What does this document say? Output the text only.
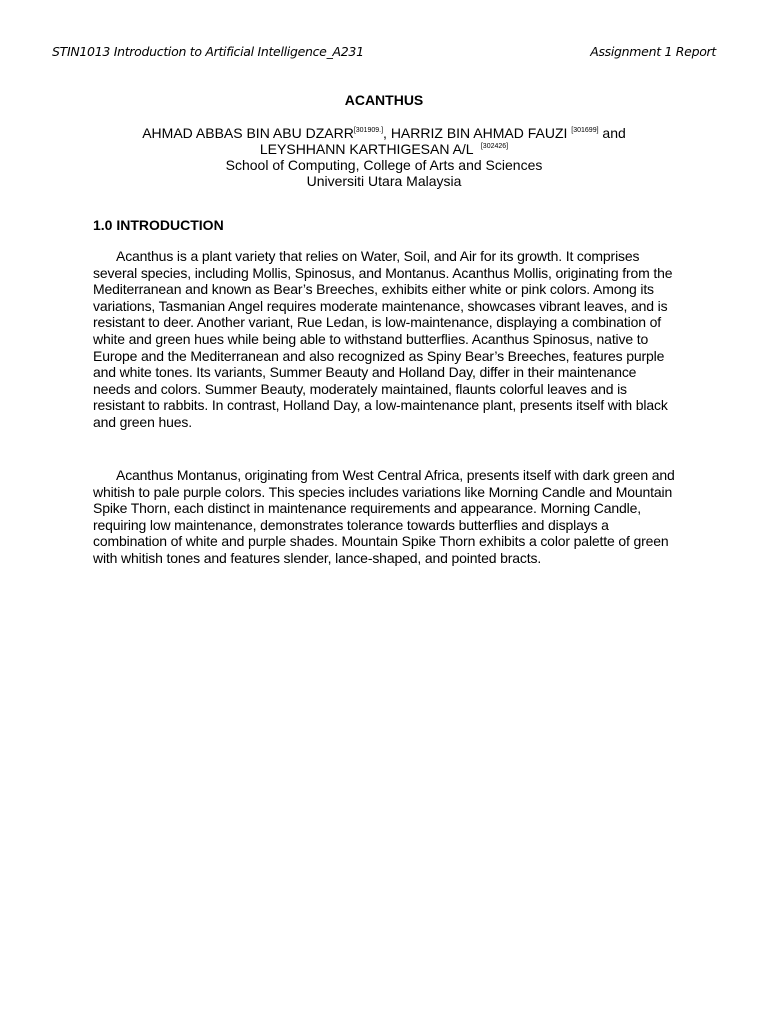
STIN1013 Introduction to Artificial Intelligence_A231	Assignment 1 Report
ACANTHUS
AHMAD ABBAS BIN ABU DZARR[301909.], HARRIZ BIN AHMAD FAUZI [301699] and
LEYSHHANN KARTHIGESAN A/L [302426]
School of Computing, College of Arts and Sciences
Universiti Utara Malaysia
1.0 INTRODUCTION

Acanthus is a plant variety that relies on Water, Soil, and Air for its growth. It comprises several species, including Mollis, Spinosus, and Montanus. Acanthus Mollis, originating from the Mediterranean and known as Bear’s Breeches, exhibits either white or pink colors. Among its variations, Tasmanian Angel requires moderate maintenance, showcases vibrant leaves, and is resistant to deer. Another variant, Rue Ledan, is low-maintenance, displaying a combination of white and green hues while being able to withstand butterflies. Acanthus Spinosus, native to Europe and the Mediterranean and also recognized as Spiny Bear’s Breeches, features purple and white tones. Its variants, Summer Beauty and Holland Day, differ in their maintenance needs and colors. Summer Beauty, moderately maintained, flaunts colorful leaves and is resistant to rabbits. In contrast, Holland Day, a low-maintenance plant, presents itself with black and green hues.

Acanthus Montanus, originating from West Central Africa, presents itself with dark green and whitish to pale purple colors. This species includes variations like Morning Candle and Mountain Spike Thorn, each distinct in maintenance requirements and appearance. Morning Candle, requiring low maintenance, demonstrates tolerance towards butterflies and displays a combination of white and purple shades. Mountain Spike Thorn exhibits a color palette of green with whitish tones and features slender, lance-shaped, and pointed bracts.
